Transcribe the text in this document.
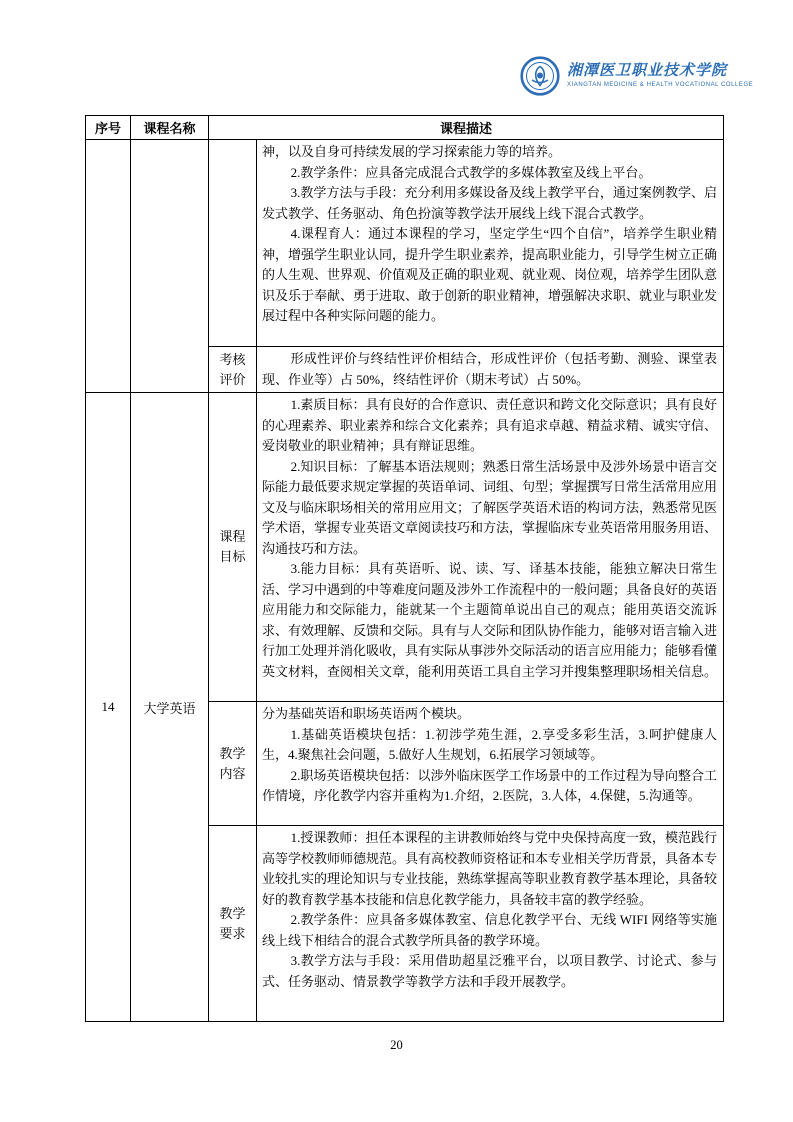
湘潭医卫职业技术学院
XIANGTAN MEDICINE & HEALTH VOCATIONAL COLLEGE
序号	课程名称	课程描述	

			神，以及自身可持续发展的学习探索能力等的培养。

2.教学条件：应具备完成混合式教学的多媒体教室及线上平台。

3.教学方法与手段：充分利用多媒设备及线上教学平台，通过案例教学、启发式教学、任务驱动、角色扮演等教学法开展线上线下混合式教学。

4.课程育人：通过本课程的学习，坚定学生“四个自信”，培养学生职业精神，增强学生职业认同，提升学生职业素养，提高职业能力，引导学生树立正确的人生观、世界观、价值观及正确的职业观、就业观、岗位观，培养学生团队意识及乐于奉献、勇于进取、敢于创新的职业精神，增强解决求职、就业与职业发展过程中各种实际问题的能力。

		考核评价	形成性评价与终结性评价相结合，形成性评价（包括考勤、测验、课堂表现、作业等）占 50%，终结性评价（期末考试）占 50%。

14	大学英语	课程目标	1.素质目标：具有良好的合作意识、责任意识和跨文化交际意识；具有良好的心理素养、职业素养和综合文化素养；具有追求卓越、精益求精、诚实守信、爱岗敬业的职业精神；具有辩证思维。

2.知识目标：了解基本语法规则；熟悉日常生活场景中及涉外场景中语言交际能力最低要求规定掌握的英语单词、词组、句型；掌握撰写日常生活常用应用文及与临床职场相关的常用应用文；了解医学英语术语的构词方法，熟悉常见医学术语，掌握专业英语文章阅读技巧和方法，掌握临床专业英语常用服务用语、沟通技巧和方法。

3.能力目标：具有英语听、说、读、写、译基本技能，能独立解决日常生活、学习中遇到的中等难度问题及涉外工作流程中的一般问题；具备良好的英语应用能力和交际能力，能就某一个主题简单说出自己的观点；能用英语交流诉求、有效理解、反馈和交际。具有与人交际和团队协作能力，能够对语言输入进行加工处理并消化吸收，具有实际从事涉外交际活动的语言应用能力；能够看懂英文材料，查阅相关文章，能利用英语工具自主学习并搜集整理职场相关信息。

		教学内容	分为基础英语和职场英语两个模块。

1.基础英语模块包括：1.初涉学苑生涯，2.享受多彩生活，3.呵护健康人生，4.聚焦社会问题，5.做好人生规划，6.拓展学习领域等。

2.职场英语模块包括：以涉外临床医学工作场景中的工作过程为导向整合工作情境，序化教学内容并重构为1.介绍，2.医院，3.人体，4.保健，5.沟通等。

		教学要求	1.授课教师：担任本课程的主讲教师始终与党中央保持高度一致，模范践行高等学校教师师德规范。具有高校教师资格证和本专业相关学历背景，具备本专业较扎实的理论知识与专业技能，熟练掌握高等职业教育教学基本理论，具备较好的教育教学基本技能和信息化教学能力，具备较丰富的教学经验。

2.教学条件：应具备多媒体教室、信息化教学平台、无线 WIFI 网络等实施线上线下相结合的混合式教学所具备的教学环境。

3.教学方法与手段：采用借助超星泛雅平台，以项目教学、讨论式、参与式、任务驱动、情景教学等教学方法和手段开展教学。

20
